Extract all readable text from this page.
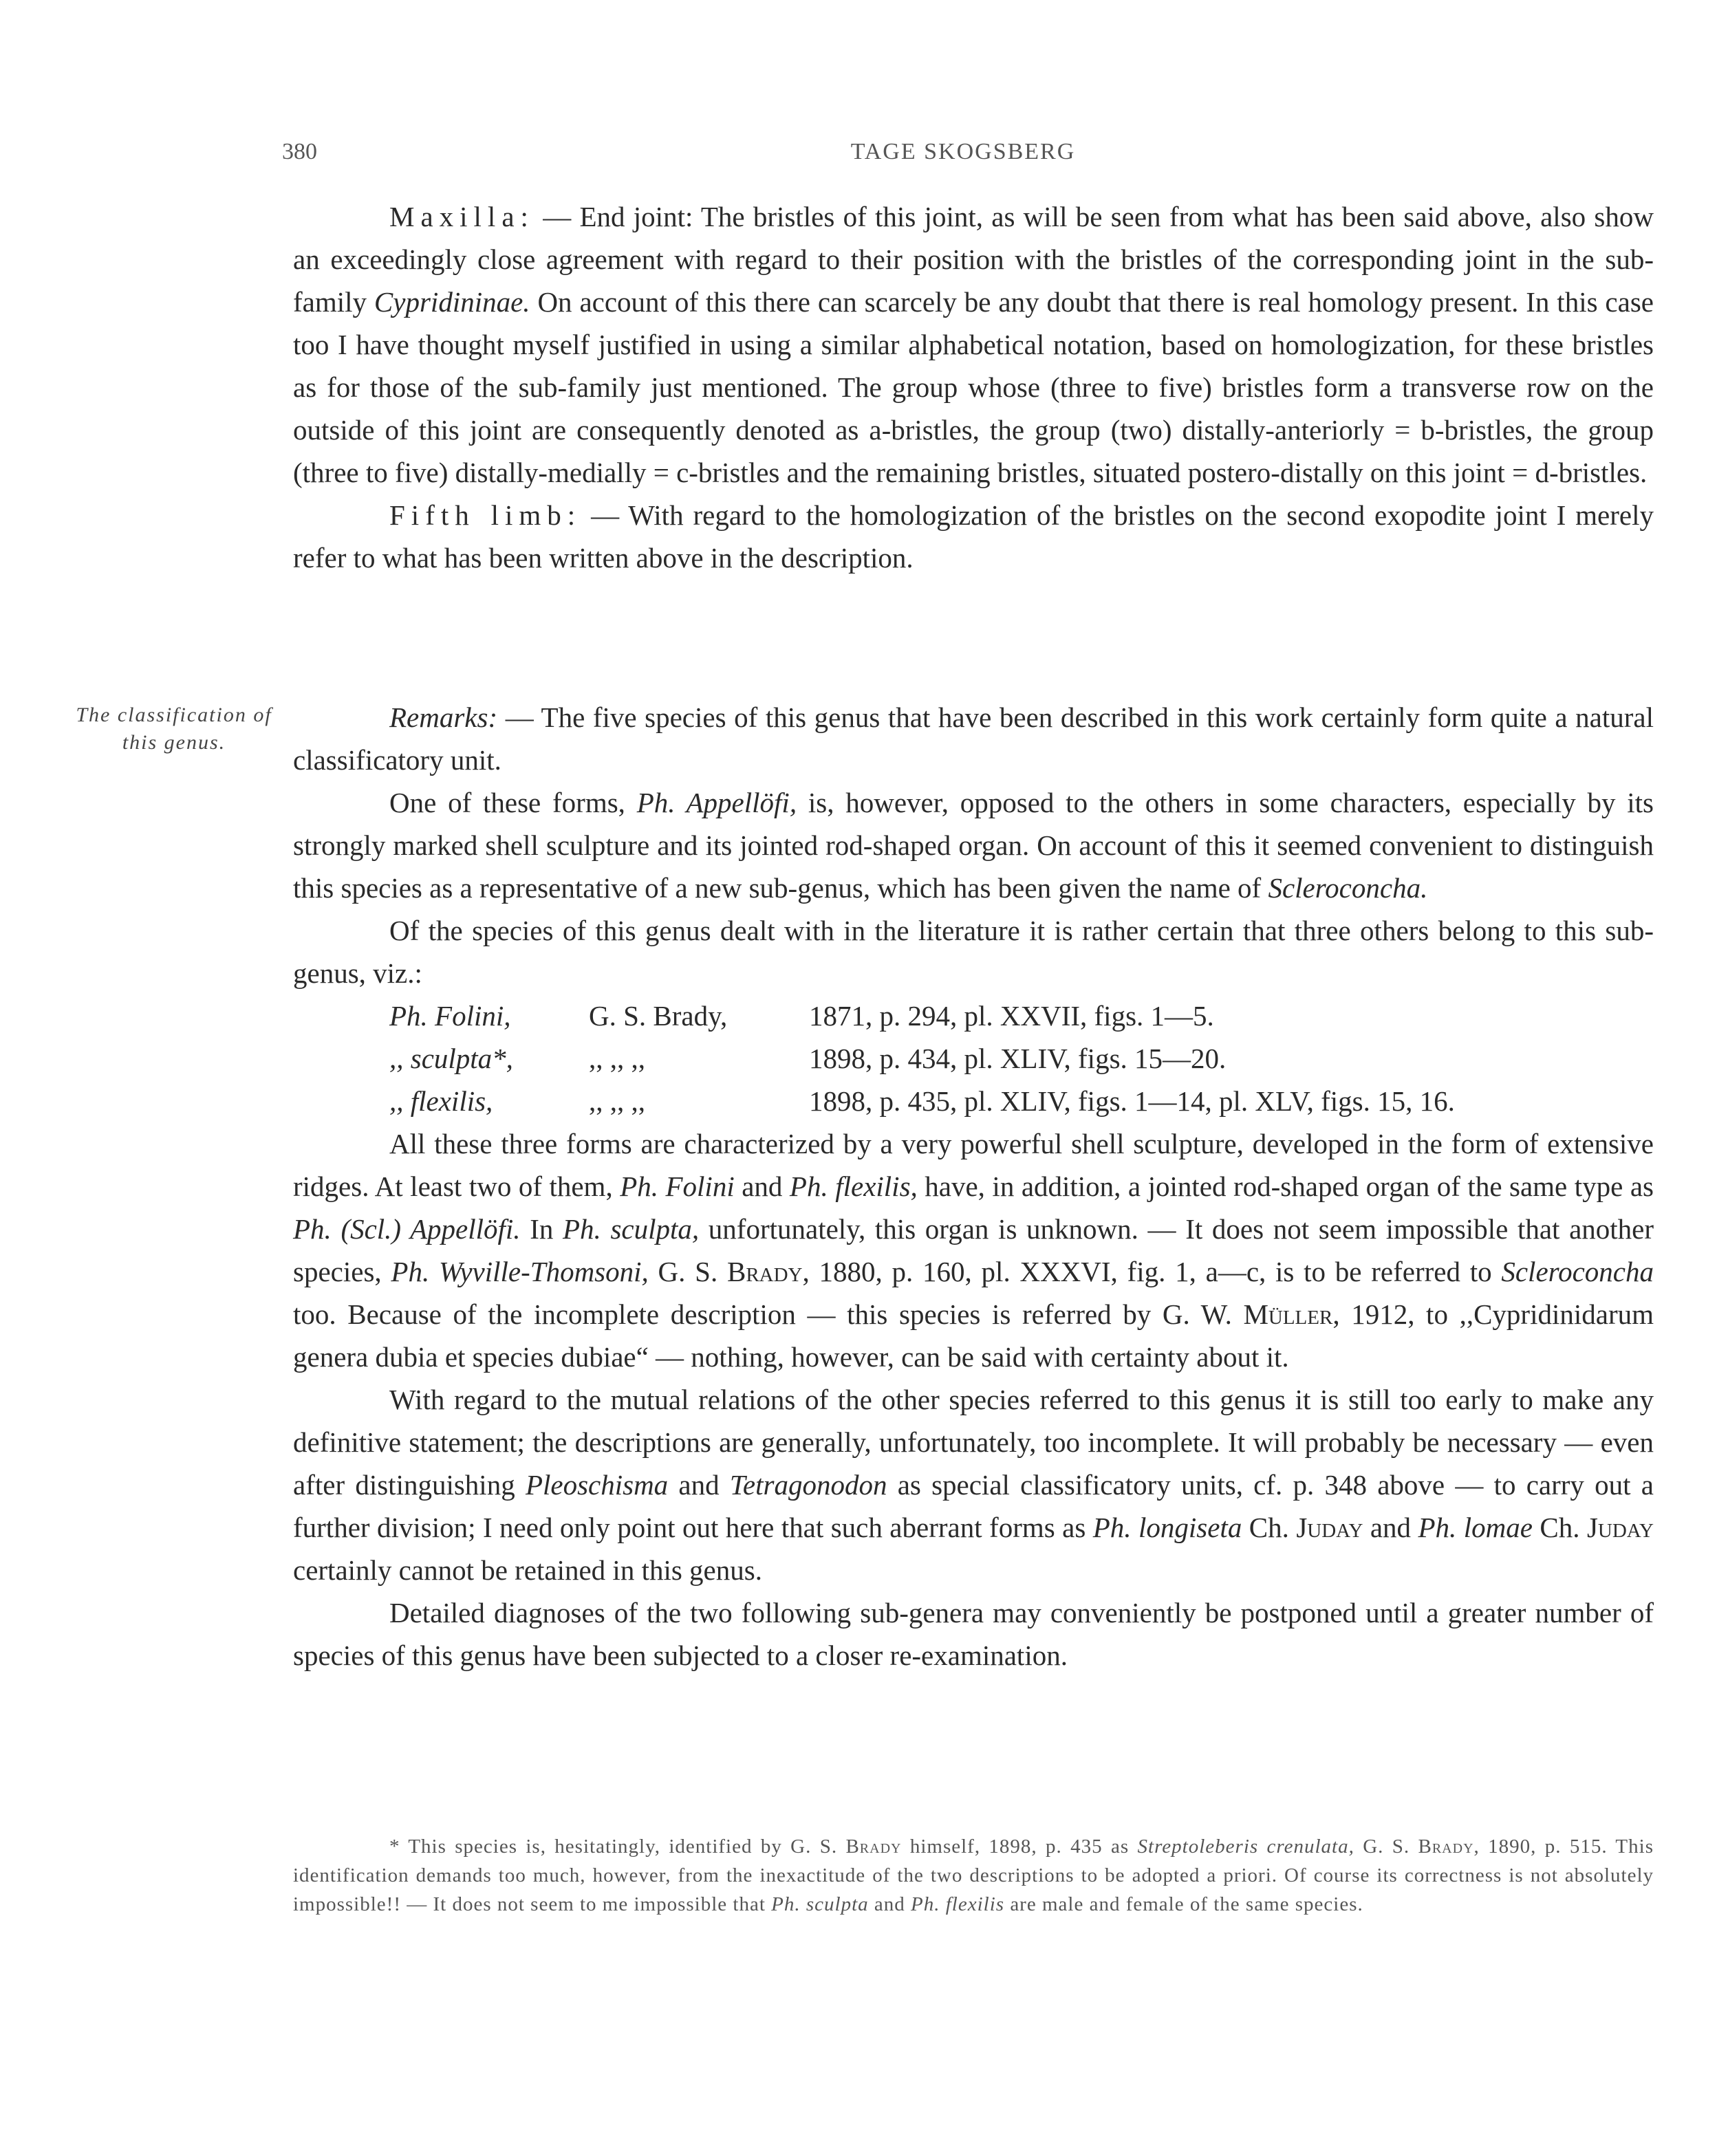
380	TAGE SKOGSBERG

Maxilla: — End joint: The bristles of this joint, as will be seen from what has been said above, also show an exceedingly close agreement with regard to their position with the bristles of the corresponding joint in the sub-family Cypridininae. On account of this there can scarcely be any doubt that there is real homology present. In this case too I have thought myself justified in using a similar alphabetical notation, based on homologization, for these bristles as for those of the sub-family just mentioned. The group whose (three to five) bristles form a transverse row on the outside of this joint are consequently denoted as a-bristles, the group (two) distally-anteriorly = b-bristles, the group (three to five) distally-medially = c-bristles and the remaining bristles, situated postero-distally on this joint = d-bristles.

Fifth limb: — With regard to the homologization of the bristles on the second exopodite joint I merely refer to what has been written above in the description.

The classification of this genus.

Remarks: — The five species of this genus that have been described in this work certainly form quite a natural classificatory unit.

One of these forms, Ph. Appellöfi, is, however, opposed to the others in some characters, especially by its strongly marked shell sculpture and its jointed rod-shaped organ. On account of this it seemed convenient to distinguish this species as a representative of a new sub-genus, which has been given the name of Scleroconcha.

Of the species of this genus dealt with in the literature it is rather certain that three others belong to this sub-genus, viz.:

Ph. Folini,	G. S. Brady,	1871, p. 294, pl. XXVII, figs. 1—5.
,, sculpta*,	,, ,, ,,	1898, p. 434, pl. XLIV, figs. 15—20.
,, flexilis,	,, ,, ,,	1898, p. 435, pl. XLIV, figs. 1—14, pl. XLV, figs. 15, 16.

All these three forms are characterized by a very powerful shell sculpture, developed in the form of extensive ridges. At least two of them, Ph. Folini and Ph. flexilis, have, in addition, a jointed rod-shaped organ of the same type as Ph. (Scl.) Appellöfi. In Ph. sculpta, unfortunately, this organ is unknown. — It does not seem impossible that another species, Ph. Wyville-Thomsoni, G. S. Brady, 1880, p. 160, pl. XXXVI, fig. 1, a—c, is to be referred to Scleroconcha too. Because of the incomplete description — this species is referred by G. W. Müller, 1912, to ,,Cypridinidarum genera dubia et species dubiae“ — nothing, however, can be said with certainty about it.

With regard to the mutual relations of the other species referred to this genus it is still too early to make any definitive statement; the descriptions are generally, unfortunately, too incomplete. It will probably be necessary — even after distinguishing Pleoschisma and Tetragonodon as special classificatory units, cf. p. 348 above — to carry out a further division; I need only point out here that such aberrant forms as Ph. longiseta Ch. Juday and Ph. lomae Ch. Juday certainly cannot be retained in this genus.

Detailed diagnoses of the two following sub-genera may conveniently be postponed until a greater number of species of this genus have been subjected to a closer re-examination.

* This species is, hesitatingly, identified by G. S. Brady himself, 1898, p. 435 as Streptoleberis crenulata, G. S. Brady, 1890, p. 515. This identification demands too much, however, from the inexactitude of the two descriptions to be adopted a priori. Of course its correctness is not absolutely impossible!! — It does not seem to me impossible that Ph. sculpta and Ph. flexilis are male and female of the same species.
